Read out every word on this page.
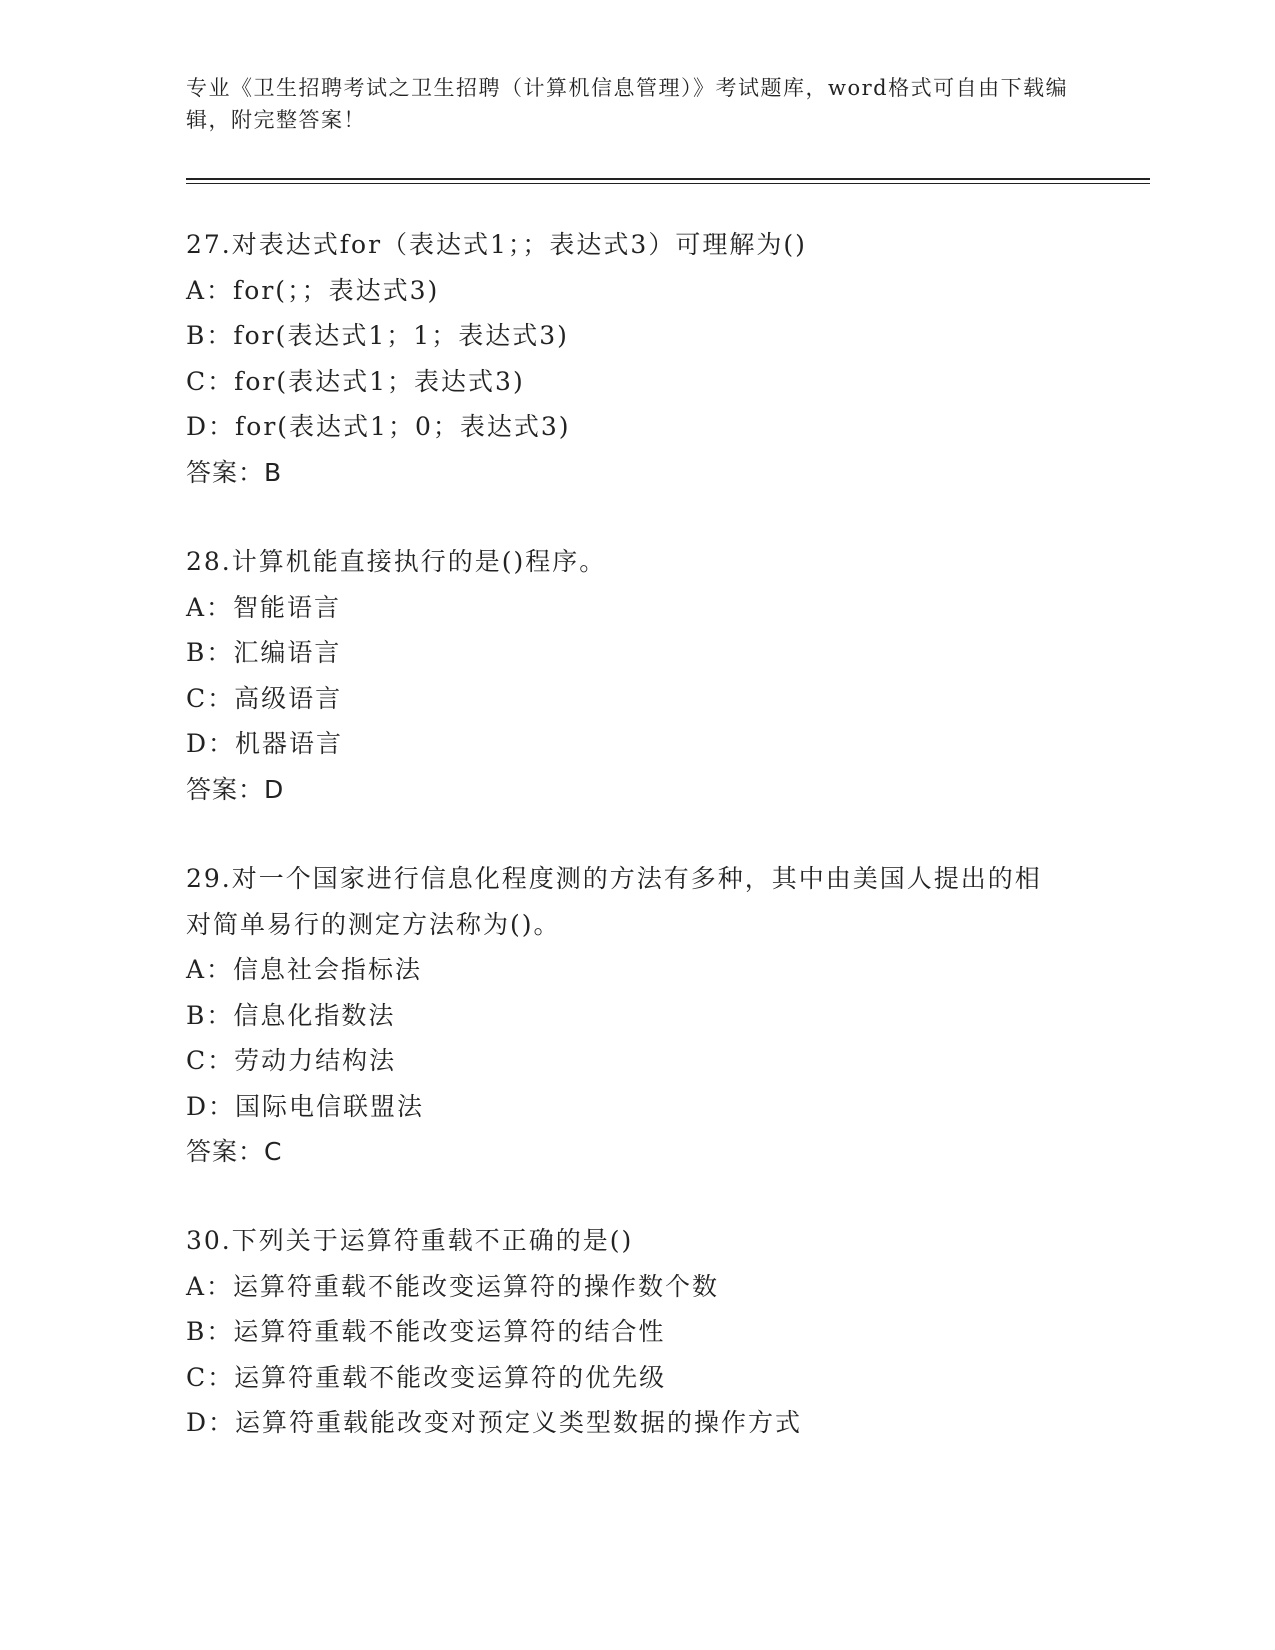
专业《卫生招聘考试之卫生招聘（计算机信息管理）》考试题库，word格式可自由下载编辑，附完整答案！
27.对表达式for（表达式1；；表达式3）可理解为()
A：for(；；表达式3)
B：for(表达式1；1；表达式3)
C：for(表达式1；表达式3)
D：for(表达式1；0；表达式3)
答案：B
28.计算机能直接执行的是()程序。
A：智能语言
B：汇编语言
C：高级语言
D：机器语言
答案：D
29.对一个国家进行信息化程度测的方法有多种，其中由美国人提出的相对简单易行的测定方法称为()。
A：信息社会指标法
B：信息化指数法
C：劳动力结构法
D：国际电信联盟法
答案：C
30.下列关于运算符重载不正确的是()
A：运算符重载不能改变运算符的操作数个数
B：运算符重载不能改变运算符的结合性
C：运算符重载不能改变运算符的优先级
D：运算符重载能改变对预定义类型数据的操作方式
